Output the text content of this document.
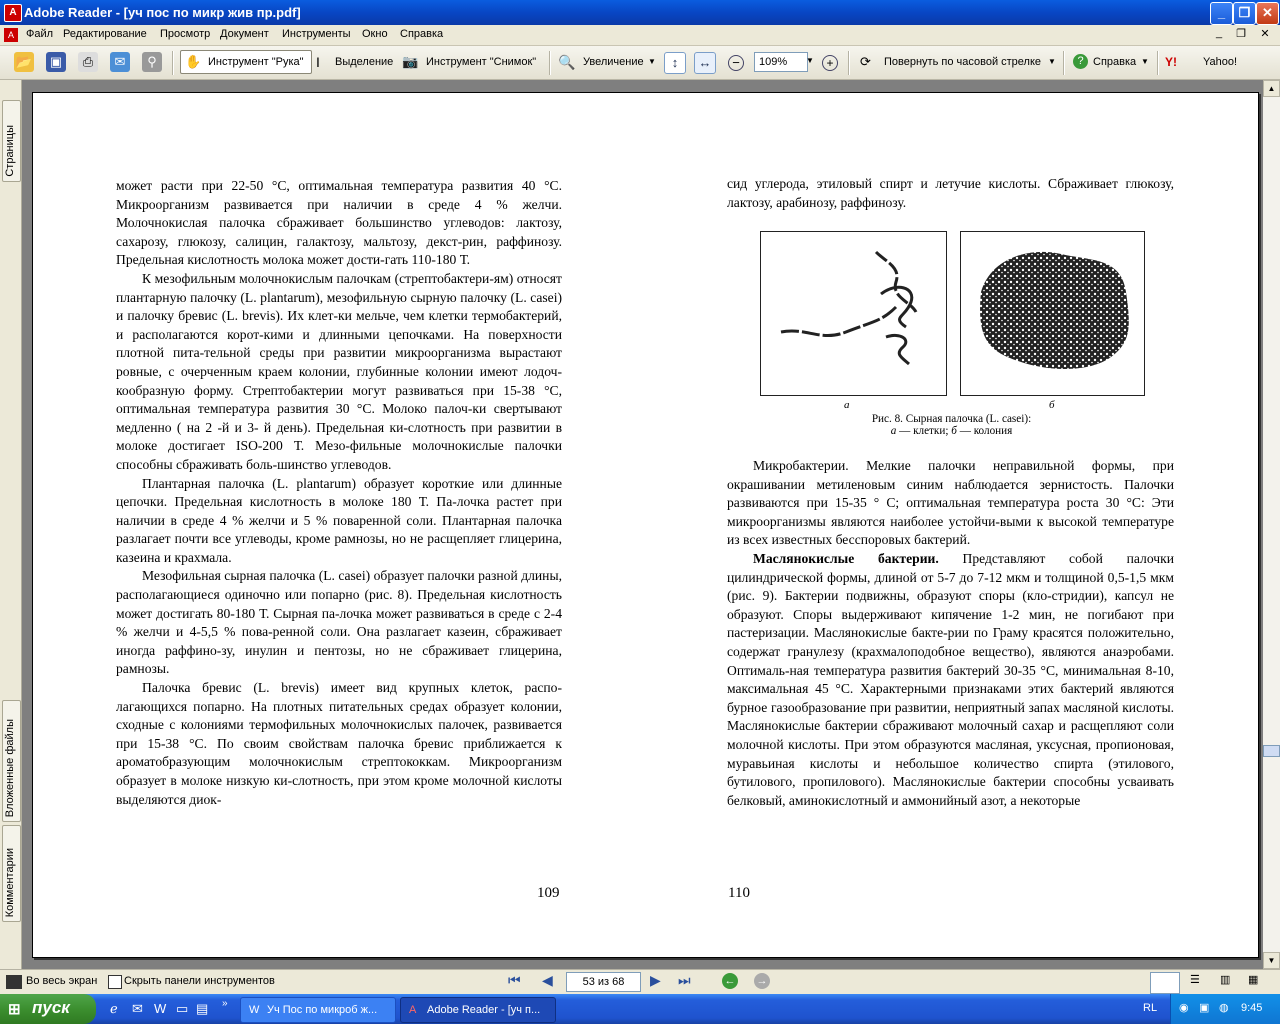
A Adobe Reader - [уч пос по микр жив пр.pdf]	_	❐ ✕
A	Файл Редактирование Просмотр Документ Инструменты Окно Справка	_	❐	✕
📂 ▣	⎙	✉	⚲	✋ Инструмент "Рука" I Выделение 📷 Инструмент "Снимок" 🔍 Увеличение ▼	↕	↔	−	109%	▼	+	⟳ Повернуть по часовой стрелке ▼	? Справка ▼ Y! Yahoo!
Страницы
Вложенные файлы
Комментарии

может расти при 22-50 °С, оптимальная температура развития 40 °С. Микроорганизм развивается при наличии в среде 4 % желчи. Молочнокислая палочка сбраживает большинство углеводов: лактозу, сахарозу, глюкозу, салицин, галактозу, мальтозу, декст-рин, раффинозу. Предельная кислотность молока может дости-гать 110-180 Т.

К мезофильным молочнокислым палочкам (стрептобактери-ям) относят плантарную палочку (L. plantarum), мезофильную сырную палочку (L. casei) и палочку бревис (L. brevis). Их клет-ки мельче, чем клетки термобактерий, и располагаются корот-кими и длинными цепочками. На поверхности плотной пита-тельной среды при развитии микроорганизма вырастают ровные, с очерченным краем колонии, глубинные колонии имеют лодоч-кообразную форму. Стрептобактерии могут развиваться при 15-38 °С, оптимальная температура развития 30 °С. Молоко палоч-ки свертывают медленно ( на 2 -й и 3- й день). Предельная ки-слотность при развитии в молоке достигает ISO-200 Т. Мезо-фильные молочнокислые палочки способны сбраживать боль-шинство углеводов.

Плантарная палочка (L. plantarum) образует короткие или длинные цепочки. Предельная кислотность в молоке 180 Т. Па-лочка растет при наличии в среде 4 % желчи и 5 % поваренной соли. Плантарная палочка разлагает почти все углеводы, кроме рамнозы, но не расщепляет глицерина, казеина и крахмала.

Мезофильная сырная палочка (L. casei) образует палочки разной длины, располагающиеся одиночно или попарно (рис. 8). Предельная кислотность может достигать 80-180 Т. Сырная па-лочка может развиваться в среде с 2-4 % желчи и 4-5,5 % пова-ренной соли. Она разлагает казеин, сбраживает иногда раффино-зу, инулин и пентозы, но не сбраживает глицерина, рамнозы.

Палочка бревис (L. brevis) имеет вид крупных клеток, распо-лагающихся попарно. На плотных питательных средах образует колонии, сходные с колониями термофильных молочнокислых палочек, развивается при 15-38 °С. По своим свойствам палочка бревис приближается к ароматобразующим молочнокислым стрептококкам. Микроорганизм образует в молоке низкую ки-слотность, при этом кроме молочной кислоты выделяются диок-

109

сид углерода, этиловый спирт и летучие кислоты. Сбраживает глюкозу, лактозу, арабинозу, раффинозу.

а	б
Рис. 8. Сырная палочка (L. casei):
а — клетки; б — колония

Микробактерии. Мелкие палочки неправильной формы, при окрашивании метиленовым синим наблюдается зернистость. Палочки развиваются при 15-35 ° С; оптимальная температура роста 30 °С: Эти микроорганизмы являются наиболее устойчи-выми к высокой температуре из всех известных бесспоровых бактерий.

Маслянокислые бактерии. Представляют собой палочки цилиндрической формы, длиной от 5-7 до 7-12 мкм и толщиной 0,5-1,5 мкм (рис. 9). Бактерии подвижны, образуют споры (кло-стридии), капсул не образуют. Споры выдерживают кипячение 1-2 мин, не погибают при пастеризации. Маслянокислые бакте-рии по Граму красятся положительно, содержат гранулезу (крахмалоподобное вещество), являются анаэробами. Оптималь-ная температура развития бактерий 30-35 °С, минимальная 8-10, максимальная 45 °С. Характерными признаками этих бактерий являются бурное газообразование при развитии, неприятный запах масляной кислоты. Маслянокислые бактерии сбраживают молочный сахар и расщепляют соли молочной кислоты. При этом образуются масляная, уксусная, пропионовая, муравьиная кислоты и небольшое количество спирта (этилового, бутилового, пропилового). Маслянокислые бактерии способны усваивать белковый, аминокислотный и аммонийный азот, а некоторые

110
▲
▼
Во весь экран Скрыть панели инструментов	⏮ ◀	▶ ⏭	← →	☰ ▥ ▦
53 из 68
⊞ пуск	ℯ ✉ W ▭ ▤ »
W Уч Пос по микроб ж...	A Adobe Reader - [уч п...	RL ◉ ▣ ◍ 9:45
